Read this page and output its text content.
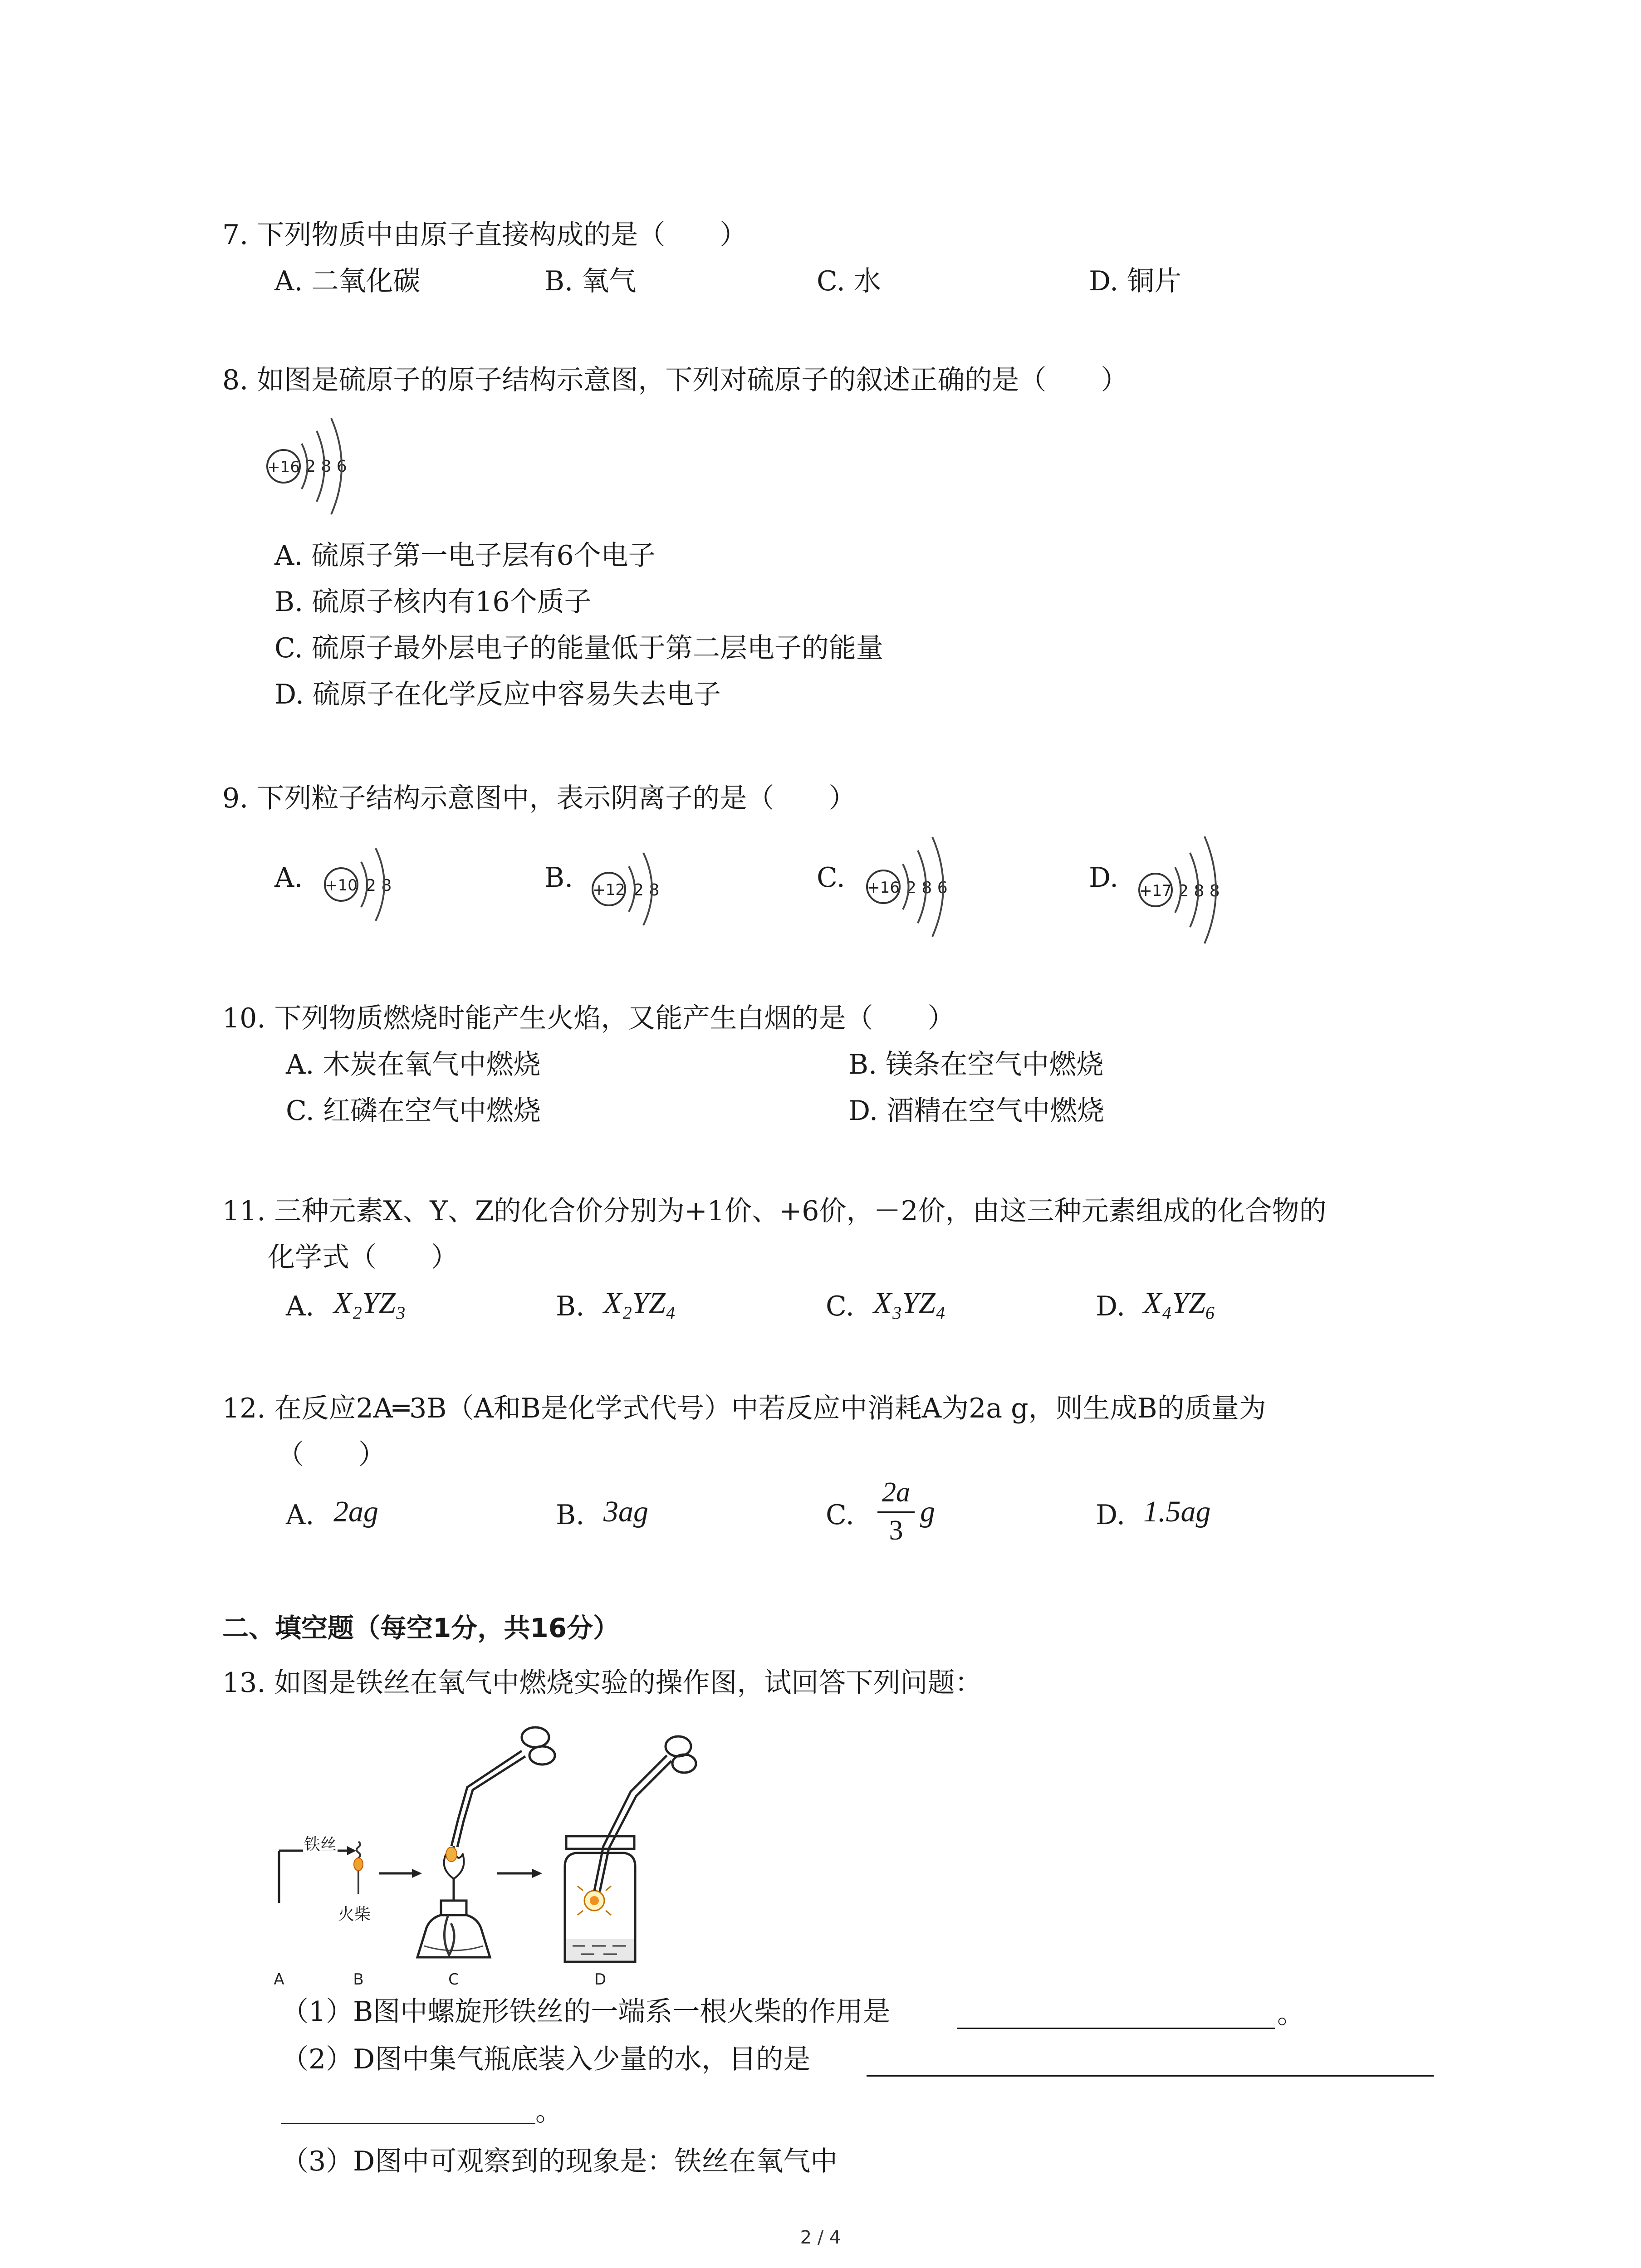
7. 下列物质中由原子直接构成的是（　　）
A. 二氧化碳	B. 氧气	C. 水	D. 铜片
8. 如图是硫原子的原子结构示意图，下列对硫原子的叙述正确的是（　　）
+16 2 8 6
A. 硫原子第一电子层有6个电子
B. 硫原子核内有16个质子
C. 硫原子最外层电子的能量低于第二层电子的能量
D. 硫原子在化学反应中容易失去电子
9. 下列粒子结构示意图中，表示阴离子的是（　　）
A. +10 2 8	B. +12 2 8	C. +16 2 8 6	D. +17 2 8 8
10. 下列物质燃烧时能产生火焰，又能产生白烟的是（　　）
A. 木炭在氧气中燃烧	B. 镁条在空气中燃烧
C. 红磷在空气中燃烧	D. 酒精在空气中燃烧
11. 三种元素X、Y、Z的化合价分别为+1价、+6价，－2价，由这三种元素组成的化合物的
化学式（　　）
A. X₂YZ₃	B. X₂YZ₄	C. X₃YZ₄	D. X₄YZ₆
12. 在反应2A═3B（A和B是化学式代号）中若反应中消耗A为2a g，则生成B的质量为
（　　）
A. 2ag	B. 3ag	C.
2a
3
g	D. 1.5ag
二、填空题（每空1分，共16分）
13. 如图是铁丝在氧气中燃烧实验的操作图，试回答下列问题：
铁丝
火柴
A	B	C	D
（1）B图中螺旋形铁丝的一端系一根火柴的作用是	。
（2）D图中集气瓶底装入少量的水，目的是
。
（3）D图中可观察到的现象是：铁丝在氧气中
2 / 4
